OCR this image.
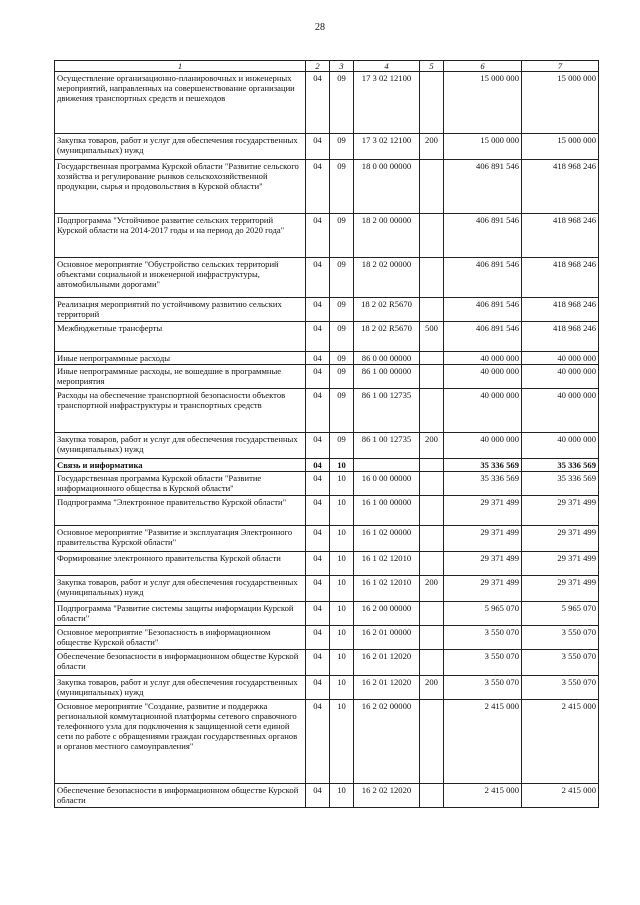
28
1	2	3	4	5	6	7
Осуществление организационно-планировочных и инженерных мероприятий, направленных на совершенствование организации движения транспортных средств и пешеходов	04	09	17 3 02 12100		15 000 000	15 000 000
Закупка товаров, работ и услуг для обеспечения государственных (муниципальных) нужд	04	09	17 3 02 12100	200	15 000 000	15 000 000
Государственная программа Курской области "Развитие сельского хозяйства и регулирование рынков сельскохозяйственной продукции, сырья и продовольствия в Курской области"	04	09	18 0 00 00000		406 891 546	418 968 246
Подпрограмма "Устойчивое развитие сельских территорий Курской области на 2014-2017 годы и на период до 2020 года"	04	09	18 2 00 00000		406 891 546	418 968 246
Основное мероприятие "Обустройство сельских территорий объектами социальной и инженерной инфраструктуры, автомобильными дорогами"	04	09	18 2 02 00000		406 891 546	418 968 246
Реализация мероприятий по устойчивому развитию сельских территорий	04	09	18 2 02 R5670		406 891 546	418 968 246
Межбюджетные трансферты	04	09	18 2 02 R5670	500	406 891 546	418 968 246
Иные непрограммные расходы	04	09	86 0 00 00000		40 000 000	40 000 000
Иные непрограммные расходы, не вошедшие в программные мероприятия	04	09	86 1 00 00000		40 000 000	40 000 000
Расходы на обеспечение транспортной безопасности объектов транспортной инфраструктуры и транспортных средств	04	09	86 1 00 12735		40 000 000	40 000 000
Закупка товаров, работ и услуг для обеспечения государственных (муниципальных) нужд	04	09	86 1 00 12735	200	40 000 000	40 000 000
Связь и информатика	04	10			35 336 569	35 336 569
Государственная программа Курской области "Развитие информационного общества в Курской области"	04	10	16 0 00 00000		35 336 569	35 336 569
Подпрограмма "Электронное правительство Курской области"	04	10	16 1 00 00000		29 371 499	29 371 499
Основное мероприятие "Развитие и эксплуатация Электронного правительства Курской области"	04	10	16 1 02 00000		29 371 499	29 371 499
Формирование электронного правительства Курской области	04	10	16 1 02 12010		29 371 499	29 371 499
Закупка товаров, работ и услуг для обеспечения государственных (муниципальных) нужд	04	10	16 1 02 12010	200	29 371 499	29 371 499
Подпрограмма "Развитие системы защиты информации Курской области"	04	10	16 2 00 00000		5 965 070	5 965 070
Основное мероприятие "Безопасность в информационном обществе Курской области"	04	10	16 2 01 00000		3 550 070	3 550 070
Обеспечение безопасности в информационном обществе Курской области	04	10	16 2 01 12020		3 550 070	3 550 070
Закупка товаров, работ и услуг для обеспечения государственных (муниципальных) нужд	04	10	16 2 01 12020	200	3 550 070	3 550 070
Основное мероприятие "Создание, развитие и поддержка региональной коммутационной платформы сетевого справочного телефонного узла для подключения к защищенной сети единой сети по работе с обращениями граждан государственных органов и органов местного самоуправления"	04	10	16 2 02 00000		2 415 000	2 415 000
Обеспечение безопасности в информационном обществе Курской области	04	10	16 2 02 12020		2 415 000	2 415 000
